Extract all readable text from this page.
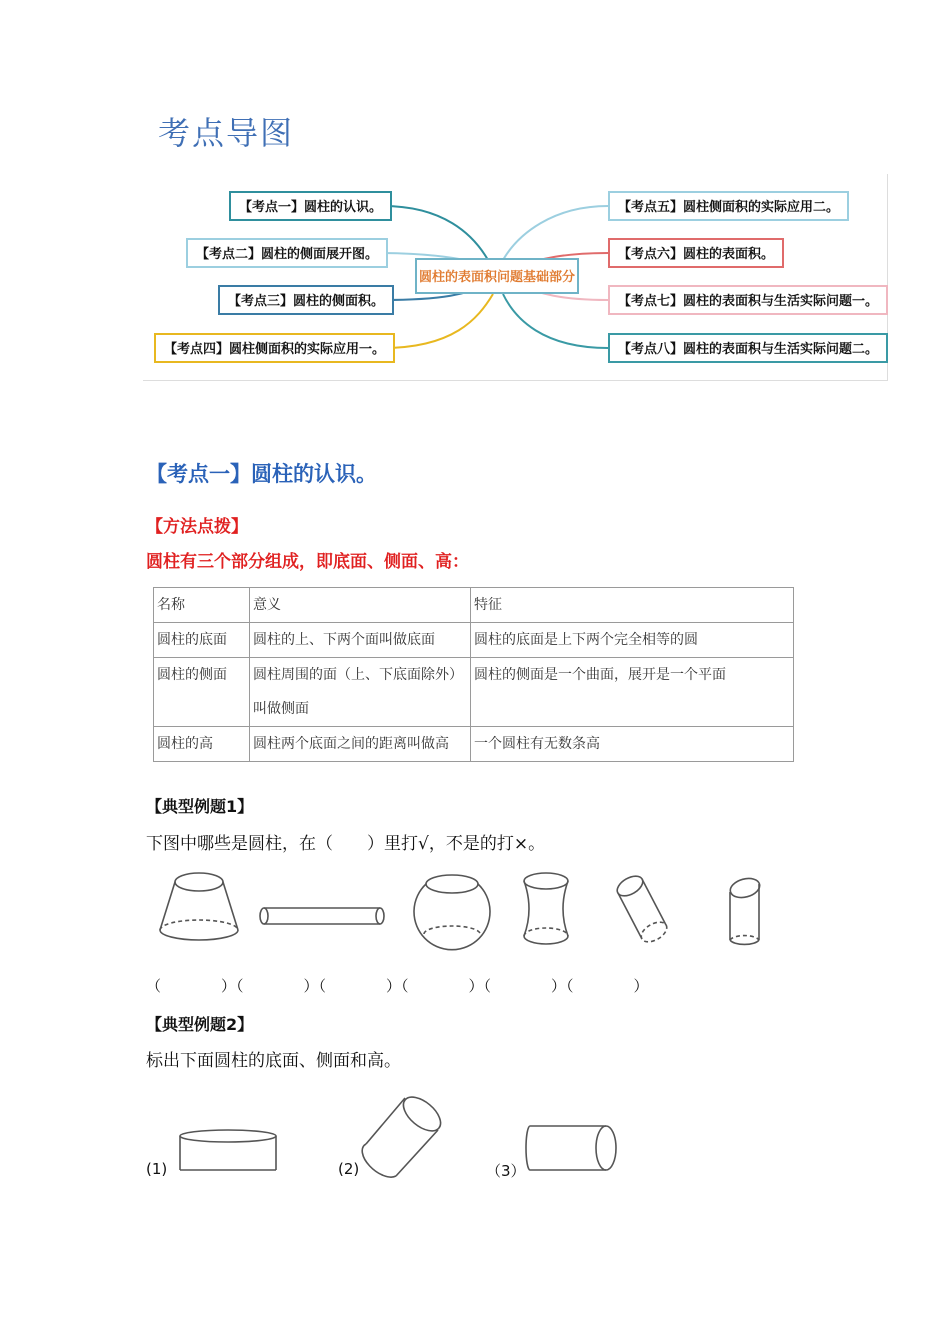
考点导图
【考点一】圆柱的认识。
【考点二】圆柱的侧面展开图。
【考点三】圆柱的侧面积。
【考点四】圆柱侧面积的实际应用一。
【考点五】圆柱侧面积的实际应用二。
【考点六】圆柱的表面积。
【考点七】圆柱的表面积与生活实际问题一。
【考点八】圆柱的表面积与生活实际问题二。
圆柱的表面积问题基础部分
【考点一】圆柱的认识。
【方法点拨】
圆柱有三个部分组成，即底面、侧面、高：
名称	意义	特征
圆柱的底面	圆柱的上、下两个面叫做底面	圆柱的底面是上下两个完全相等的圆
圆柱的侧面	圆柱周围的面（上、下底面除外）叫做侧面	圆柱的侧面是一个曲面，展开是一个平面
圆柱的高	圆柱两个底面之间的距离叫做高	一个圆柱有无数条高
【典型例题1】
下图中哪些是圆柱，在（　　）里打√，不是的打×。
（　　　　）（　　　　）（　　　　）（　　　　）（　　　　）（　　　　）
【典型例题2】
标出下面圆柱的底面、侧面和高。
(1)	(2)	（3）
